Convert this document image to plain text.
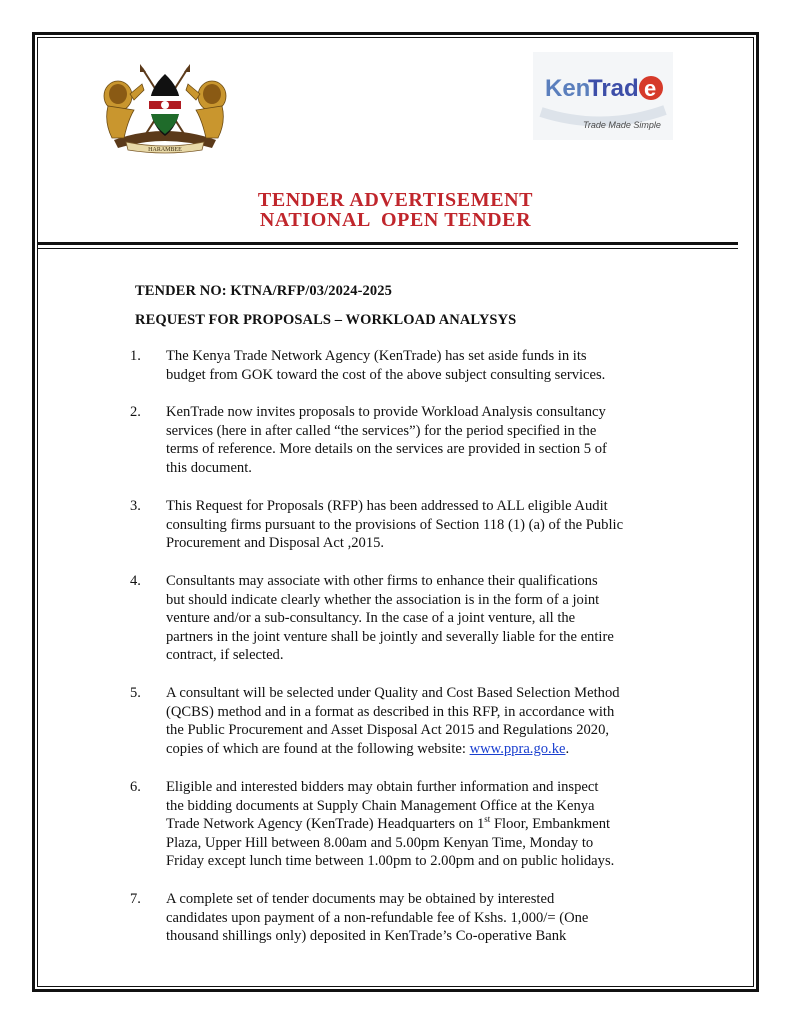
HARAMBEE
Ken
Trad e
Trade Made Simple
TENDER ADVERTISEMENT
NATIONAL  OPEN TENDER
TENDER NO: KTNA/RFP/03/2024-2025
REQUEST FOR PROPOSALS – WORKLOAD ANALYSYS
1. The Kenya Trade Network Agency (KenTrade) has set aside funds in its
budget from GOK toward the cost of the above subject consulting services.
2. KenTrade now invites proposals to provide Workload Analysis consultancy
services (here in after called “the services”) for the period specified in the
terms of reference. More details on the services are provided in section 5 of
this document.
3. This Request for Proposals (RFP) has been addressed to ALL eligible Audit
consulting firms pursuant to the provisions of Section 118 (1) (a) of the Public
Procurement and Disposal Act ,2015.
4. Consultants may associate with other firms to enhance their qualifications
but should indicate clearly whether the association is in the form of a joint
venture and/or a sub-consultancy. In the case of a joint venture, all the
partners in the joint venture shall be jointly and severally liable for the entire
contract, if selected.
5. A consultant will be selected under Quality and Cost Based Selection Method
(QCBS) method and in a format as described in this RFP, in accordance with
the Public Procurement and Asset Disposal Act 2015 and Regulations 2020,
copies of which are found at the following website: www.ppra.go.ke.
6. Eligible and interested bidders may obtain further information and inspect
the bidding documents at Supply Chain Management Office at the Kenya
Trade Network Agency (KenTrade) Headquarters on 1st Floor, Embankment
Plaza, Upper Hill between 8.00am and 5.00pm Kenyan Time, Monday to
Friday except lunch time between 1.00pm to 2.00pm and on public holidays.
7. A complete set of tender documents may be obtained by interested
candidates upon payment of a non-refundable fee of Kshs. 1,000/= (One
thousand shillings only) deposited in KenTrade’s Co-operative Bank
